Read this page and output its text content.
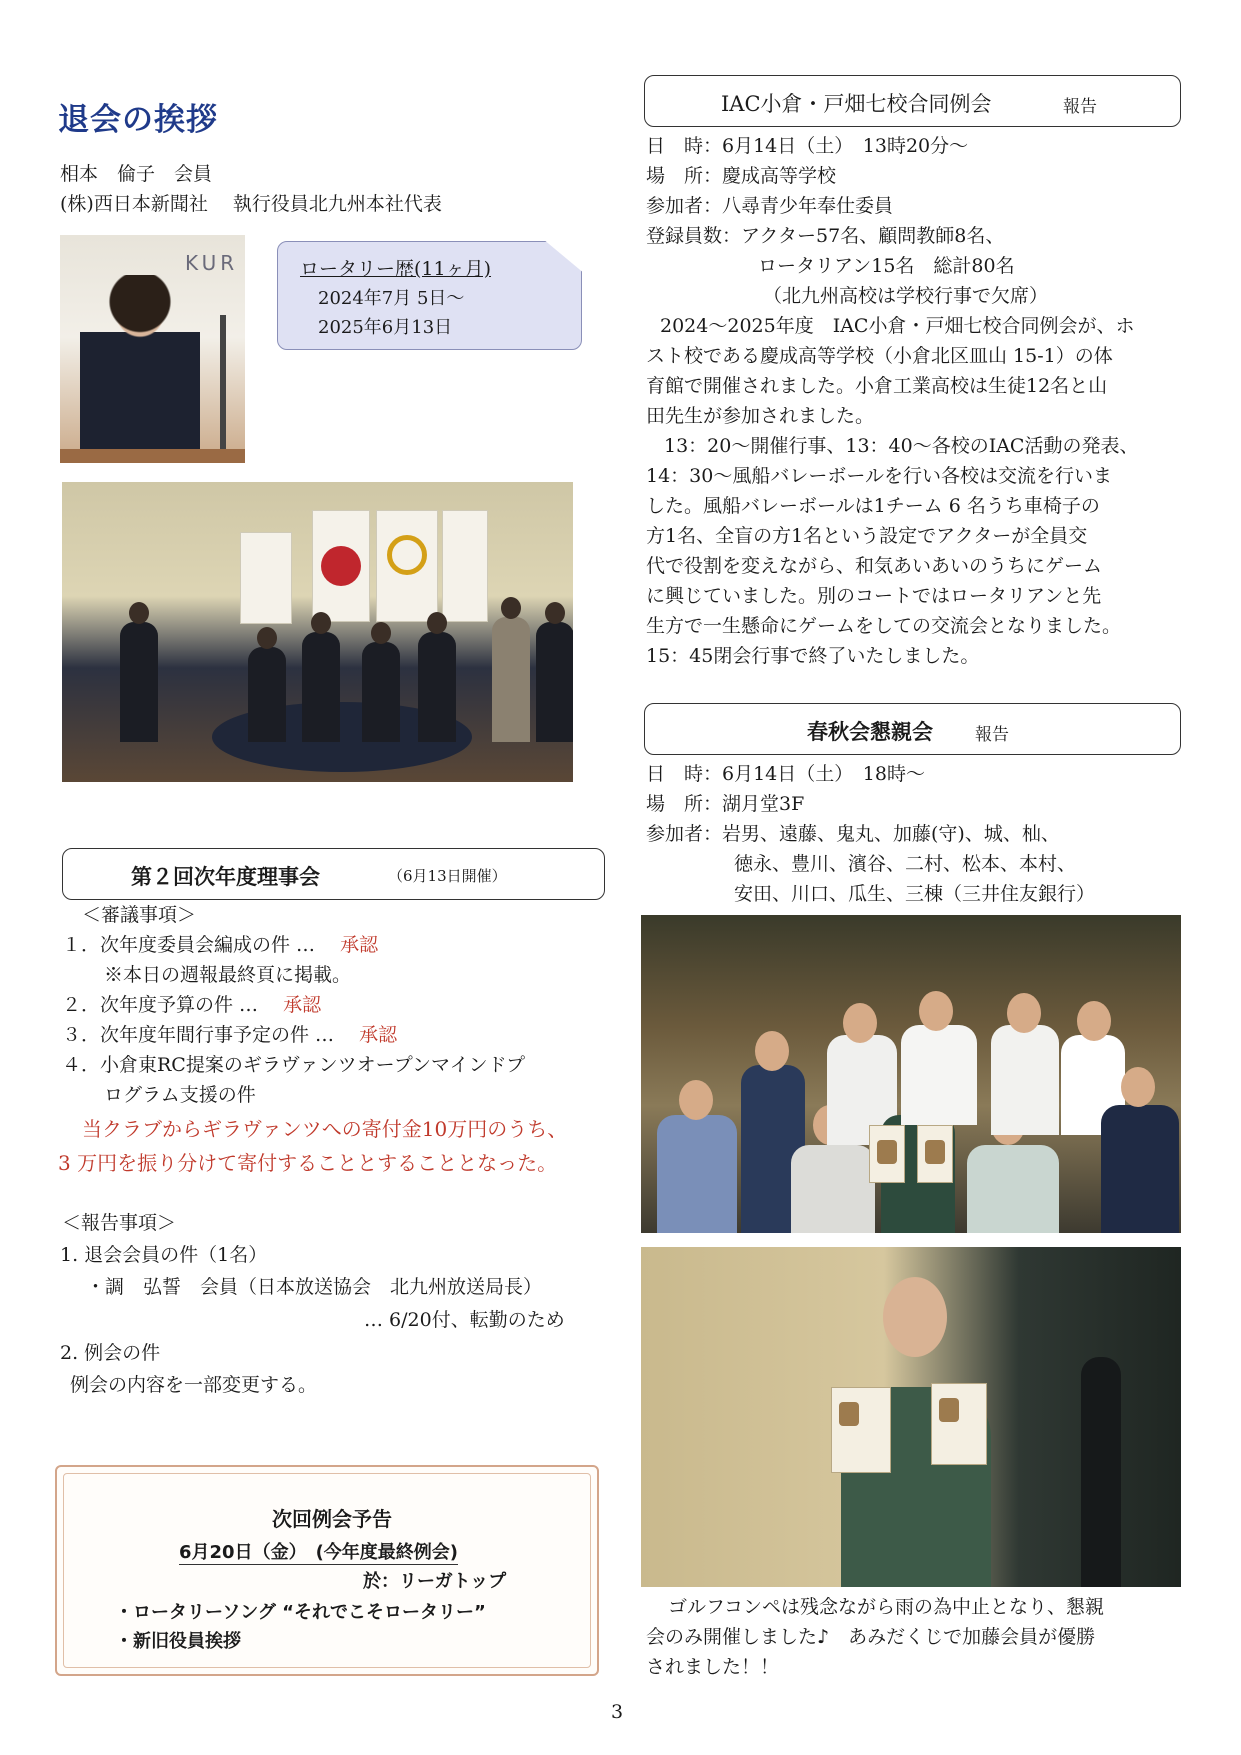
退会の挨拶
相本　倫子　会員
(株)西日本新聞社　 執行役員北九州本社代表
KUR	ロータリー歴(11ヶ月)
2024年7月 5日〜
2025年6月13日
第２回次年度理事会	（6月13日開催）
＜審議事項＞
１．次年度委員会編成の件 …　 承認
※本日の週報最終頁に掲載。
２．次年度予算の件 …　 承認
３．次年度年間行事予定の件 …　 承認
４．小倉東RC提案のギラヴァンツオープンマインドプ
ログラム支援の件
当クラブからギラヴァンツへの寄付金10万円のうち、
3 万円を振り分けて寄付することとすることとなった。
＜報告事項＞
1. 退会会員の件（1名）
・調　弘誓　会員（日本放送協会　北九州放送局長）
… 6/20付、転勤のため
2. 例会の件
例会の内容を一部変更する。
次回例会予告
6月20日（金）　(今年度最終例会)
於：リーガトップ
・ロータリーソング “それでこそロータリー”
・新旧役員挨拶
IAC小倉・戸畑七校合同例会	報告
日　時：6月14日（土）　13時20分〜
場　所：慶成高等学校
参加者：八尋青少年奉仕委員
登録員数：アクター57名、顧問教師8名、
ロータリアン15名　総計80名
（北九州高校は学校行事で欠席）
2024〜2025年度　IAC小倉・戸畑七校合同例会が、ホ
スト校である慶成高等学校（小倉北区皿山 15-1）の体
育館で開催されました。小倉工業高校は生徒12名と山
田先生が参加されました。
13：20〜開催行事、13：40〜各校のIAC活動の発表、
14：30〜風船バレーボールを行い各校は交流を行いま
した。風船バレーボールは1チーム 6 名うち車椅子の
方1名、全盲の方1名という設定でアクターが全員交
代で役割を変えながら、和気あいあいのうちにゲーム
に興じていました。別のコートではロータリアンと先
生方で一生懸命にゲームをしての交流会となりました。
15：45閉会行事で終了いたしました。
春秋会懇親会 報告
日　時：6月14日（土）　18時〜
場　所：湖月堂3F
参加者：岩男、遠藤、鬼丸、加藤(守)、城、杣、
徳永、豊川、濱谷、二村、松本、本村、
安田、川口、瓜生、三棟（三井住友銀行）
ゴルフコンペは残念ながら雨の為中止となり、懇親
会のみ開催しました♪　あみだくじで加藤会員が優勝
されました！！
3
